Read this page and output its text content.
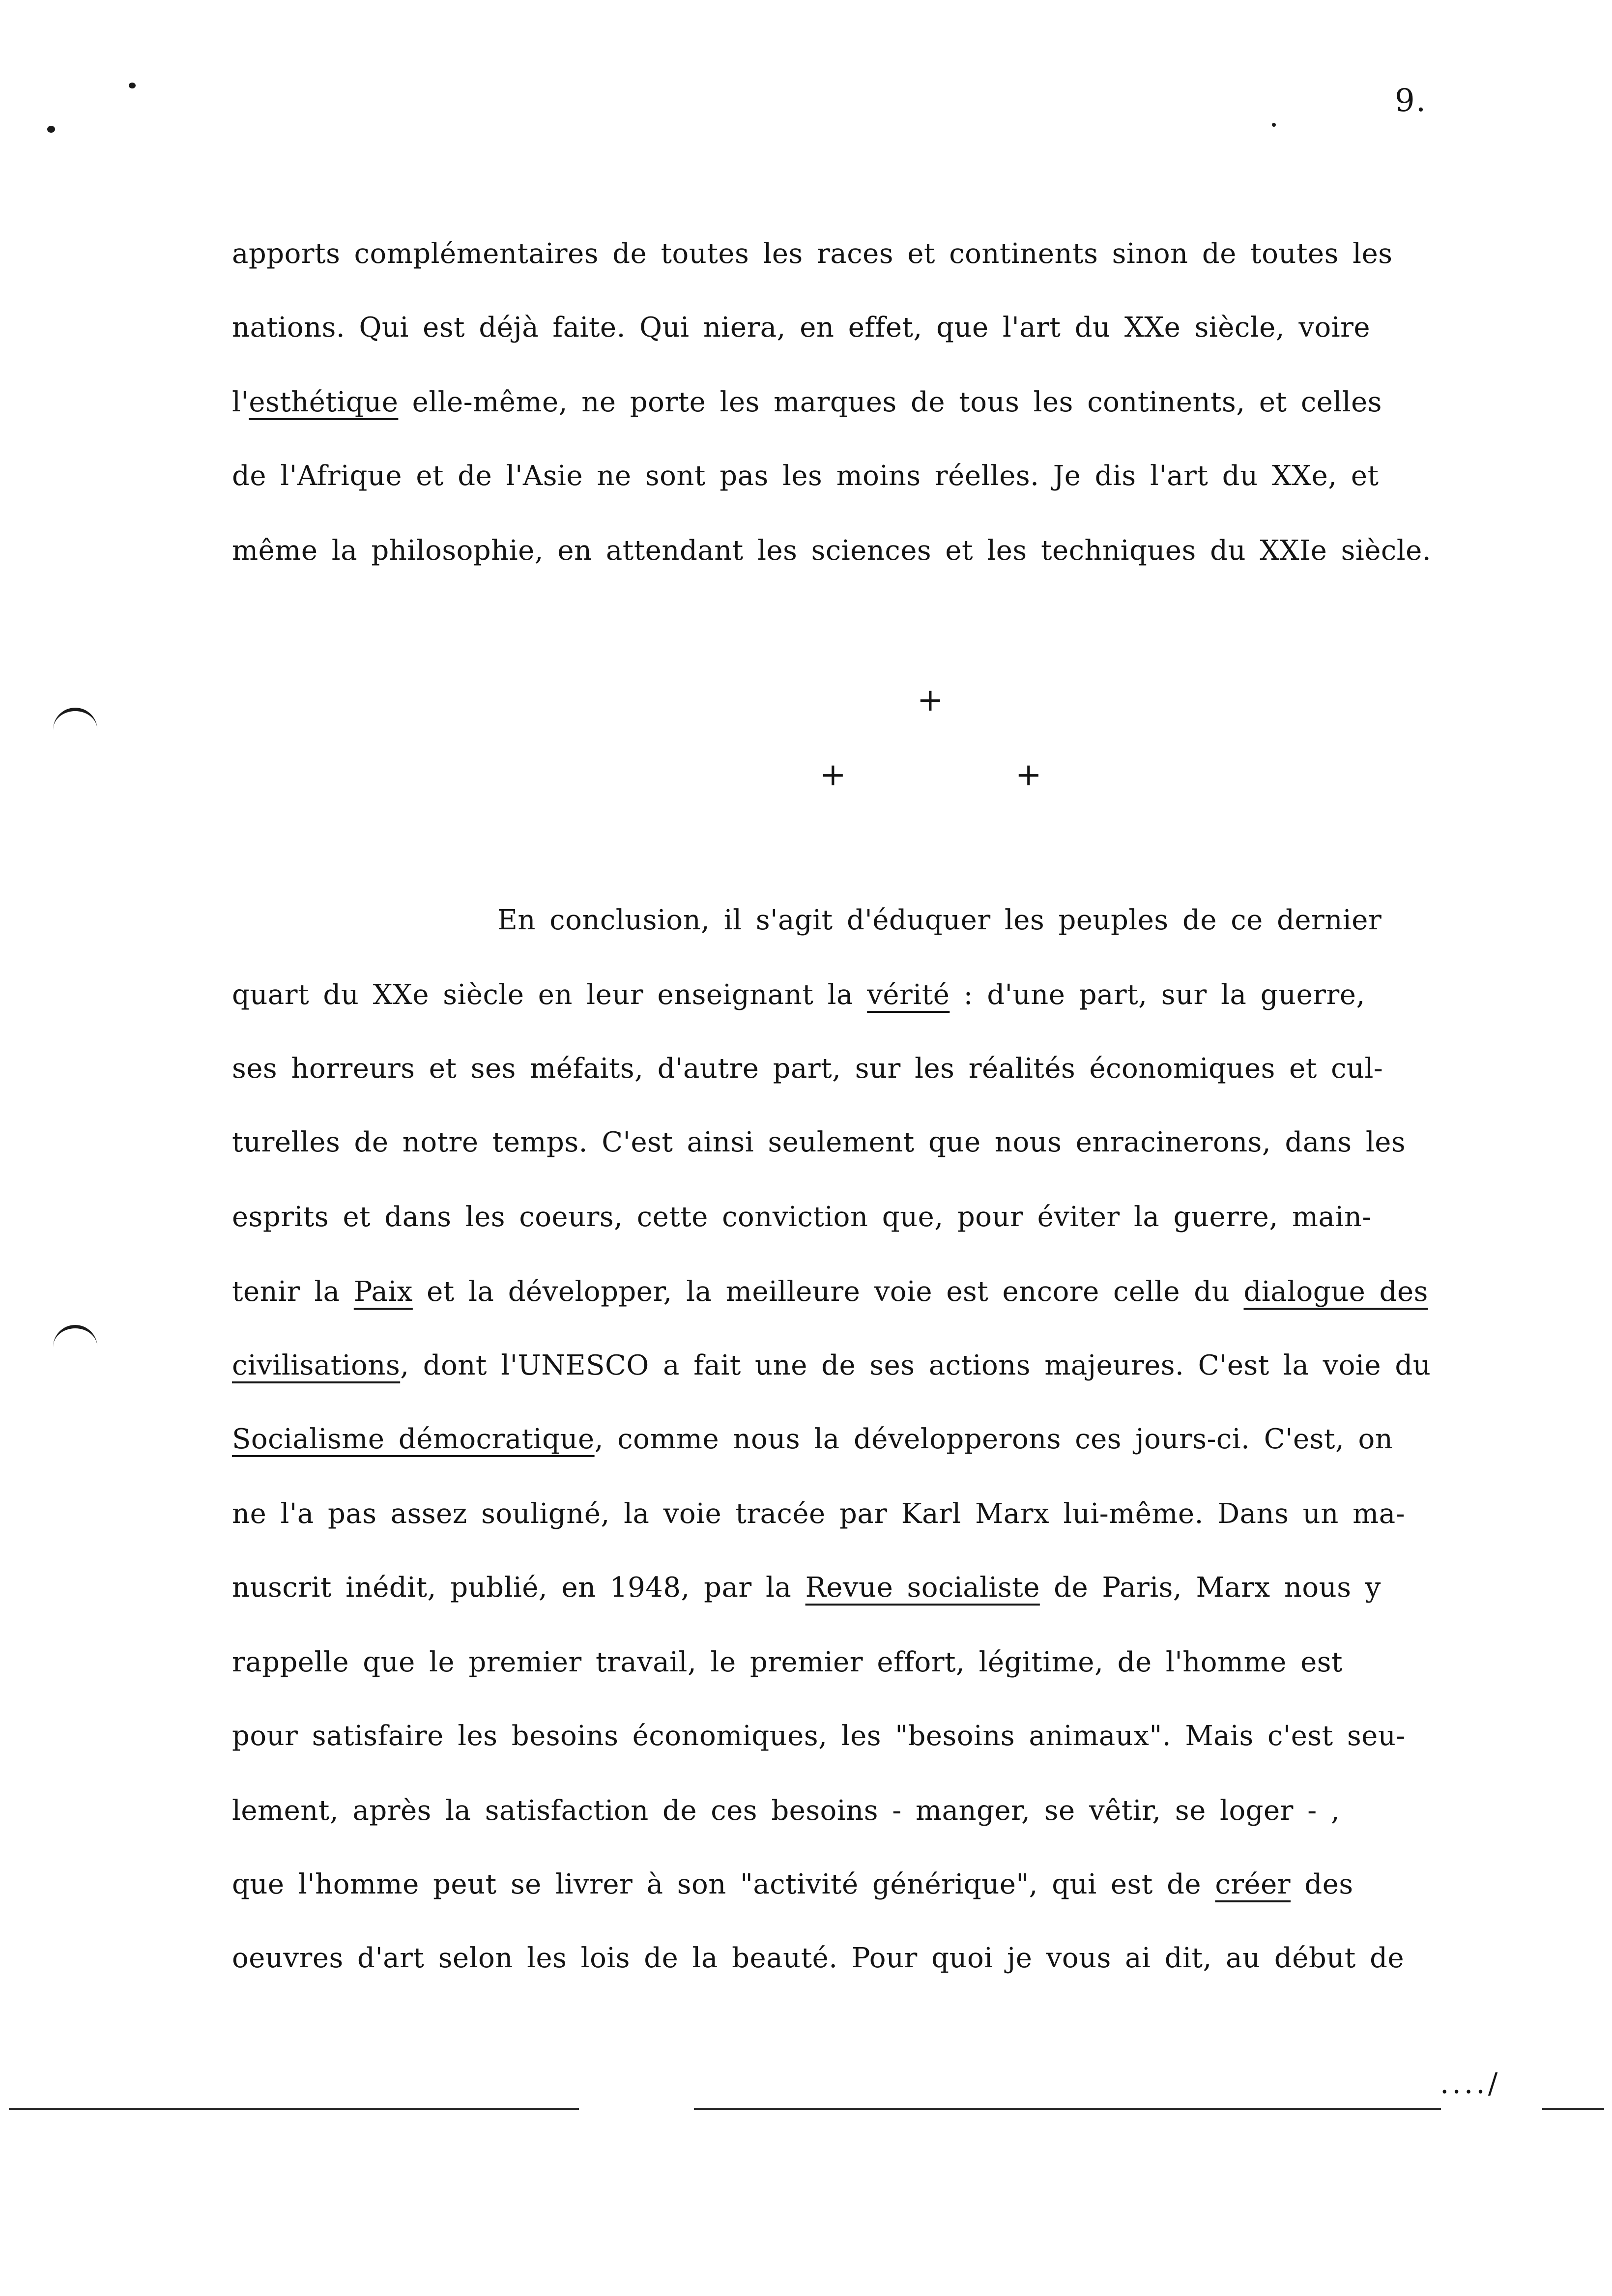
9.
apports complémentaires de toutes les races et continents sinon de toutes les
nations. Qui est déjà faite. Qui niera, en effet, que l'art du XXe siècle, voire
l'esthétique elle-même, ne porte les marques de tous les continents, et celles
de l'Afrique et de l'Asie ne sont pas les moins réelles. Je dis l'art du XXe, et
même la philosophie, en attendant les sciences et les techniques du XXIe siècle.
+
+	+
En conclusion, il s'agit d'éduquer les peuples de ce dernier
quart du XXe siècle en leur enseignant la vérité : d'une part, sur la guerre,
ses horreurs et ses méfaits, d'autre part, sur les réalités économiques et cul-
turelles de notre temps. C'est ainsi seulement que nous enracinerons, dans les
esprits et dans les coeurs, cette conviction que, pour éviter la guerre, main-
tenir la Paix et la développer, la meilleure voie est encore celle du dialogue des
civilisations, dont l'UNESCO a fait une de ses actions majeures. C'est la voie du
Socialisme démocratique, comme nous la développerons ces jours-ci. C'est, on
ne l'a pas assez souligné, la voie tracée par Karl Marx lui-même. Dans un ma-
nuscrit inédit, publié, en 1948, par la Revue socialiste de Paris, Marx nous y
rappelle que le premier travail, le premier effort, légitime, de l'homme est
pour satisfaire les besoins économiques, les "besoins animaux". Mais c'est seu-
lement, après la satisfaction de ces besoins - manger, se vêtir, se loger - ,
que l'homme peut se livrer à son "activité générique", qui est de créer des
oeuvres d'art selon les lois de la beauté. Pour quoi je vous ai dit, au début de
..../
